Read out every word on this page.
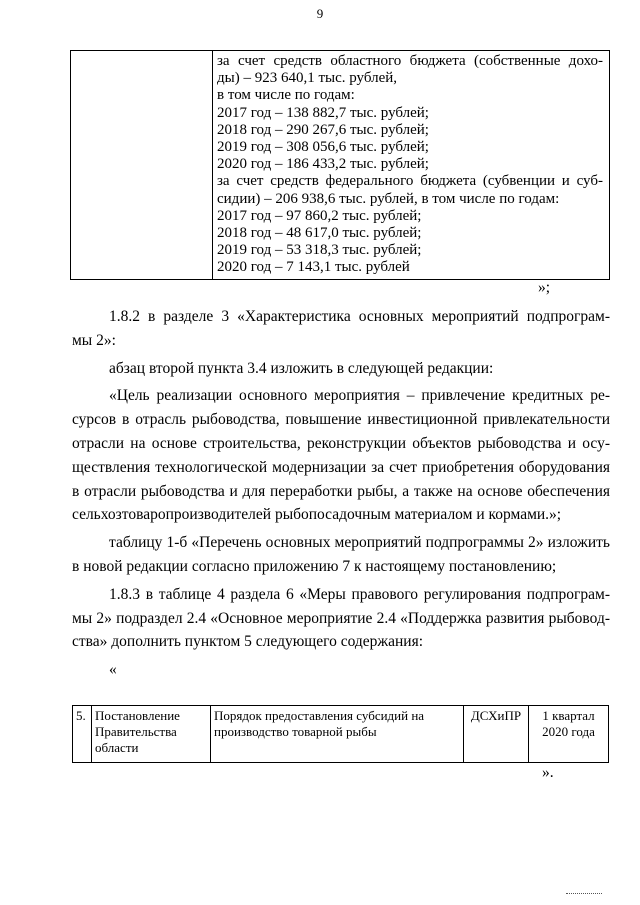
9

за счет средств областного бюджета (собственные дохо-
ды) – 923 640,1 тыс. рублей,
в том числе по годам:
2017 год – 138 882,7 тыс. рублей;
2018 год – 290 267,6 тыс. рублей;
2019 год – 308 056,6 тыс. рублей;
2020 год – 186 433,2 тыс. рублей;
за счет средств федерального бюджета (субвенции и суб-
сидии) – 206 938,6 тыс. рублей, в том числе по годам:
2017 год – 97 860,2 тыс. рублей;
2018 год – 48 617,0 тыс. рублей;
2019 год – 53 318,3 тыс. рублей;
2020 год – 7 143,1 тыс. рублей
»;
1.8.2 в разделе 3 «Характеристика основных мероприятий подпрограм-
мы 2»:
абзац второй пункта 3.4 изложить в следующей редакции:
«Цель реализации основного мероприятия – привлечение кредитных ре-
сурсов в отрасль рыбоводства, повышение инвестиционной привлекательности
отрасли на основе строительства, реконструкции объектов рыбоводства и осу-
ществления технологической модернизации за счет приобретения оборудования
в отрасли рыбоводства и для переработки рыбы, а также на основе обеспечения
сельхозтоваропроизводителей рыбопосадочным материалом и кормами.»;
таблицу 1-б «Перечень основных мероприятий подпрограммы 2» изложить
в новой редакции согласно приложению 7 к настоящему постановлению;
1.8.3 в таблице 4 раздела 6 «Меры правового регулирования подпрограм-
мы 2» подраздел 2.4 «Основное мероприятие 2.4 «Поддержка развития рыбовод-
ства» дополнить пунктом 5 следующего содержания:
«
5.	Постановление Правительства области	Порядок предоставления субсидий на производство товарной рыбы	ДСХиПР	1 квартал 2020 года
».
